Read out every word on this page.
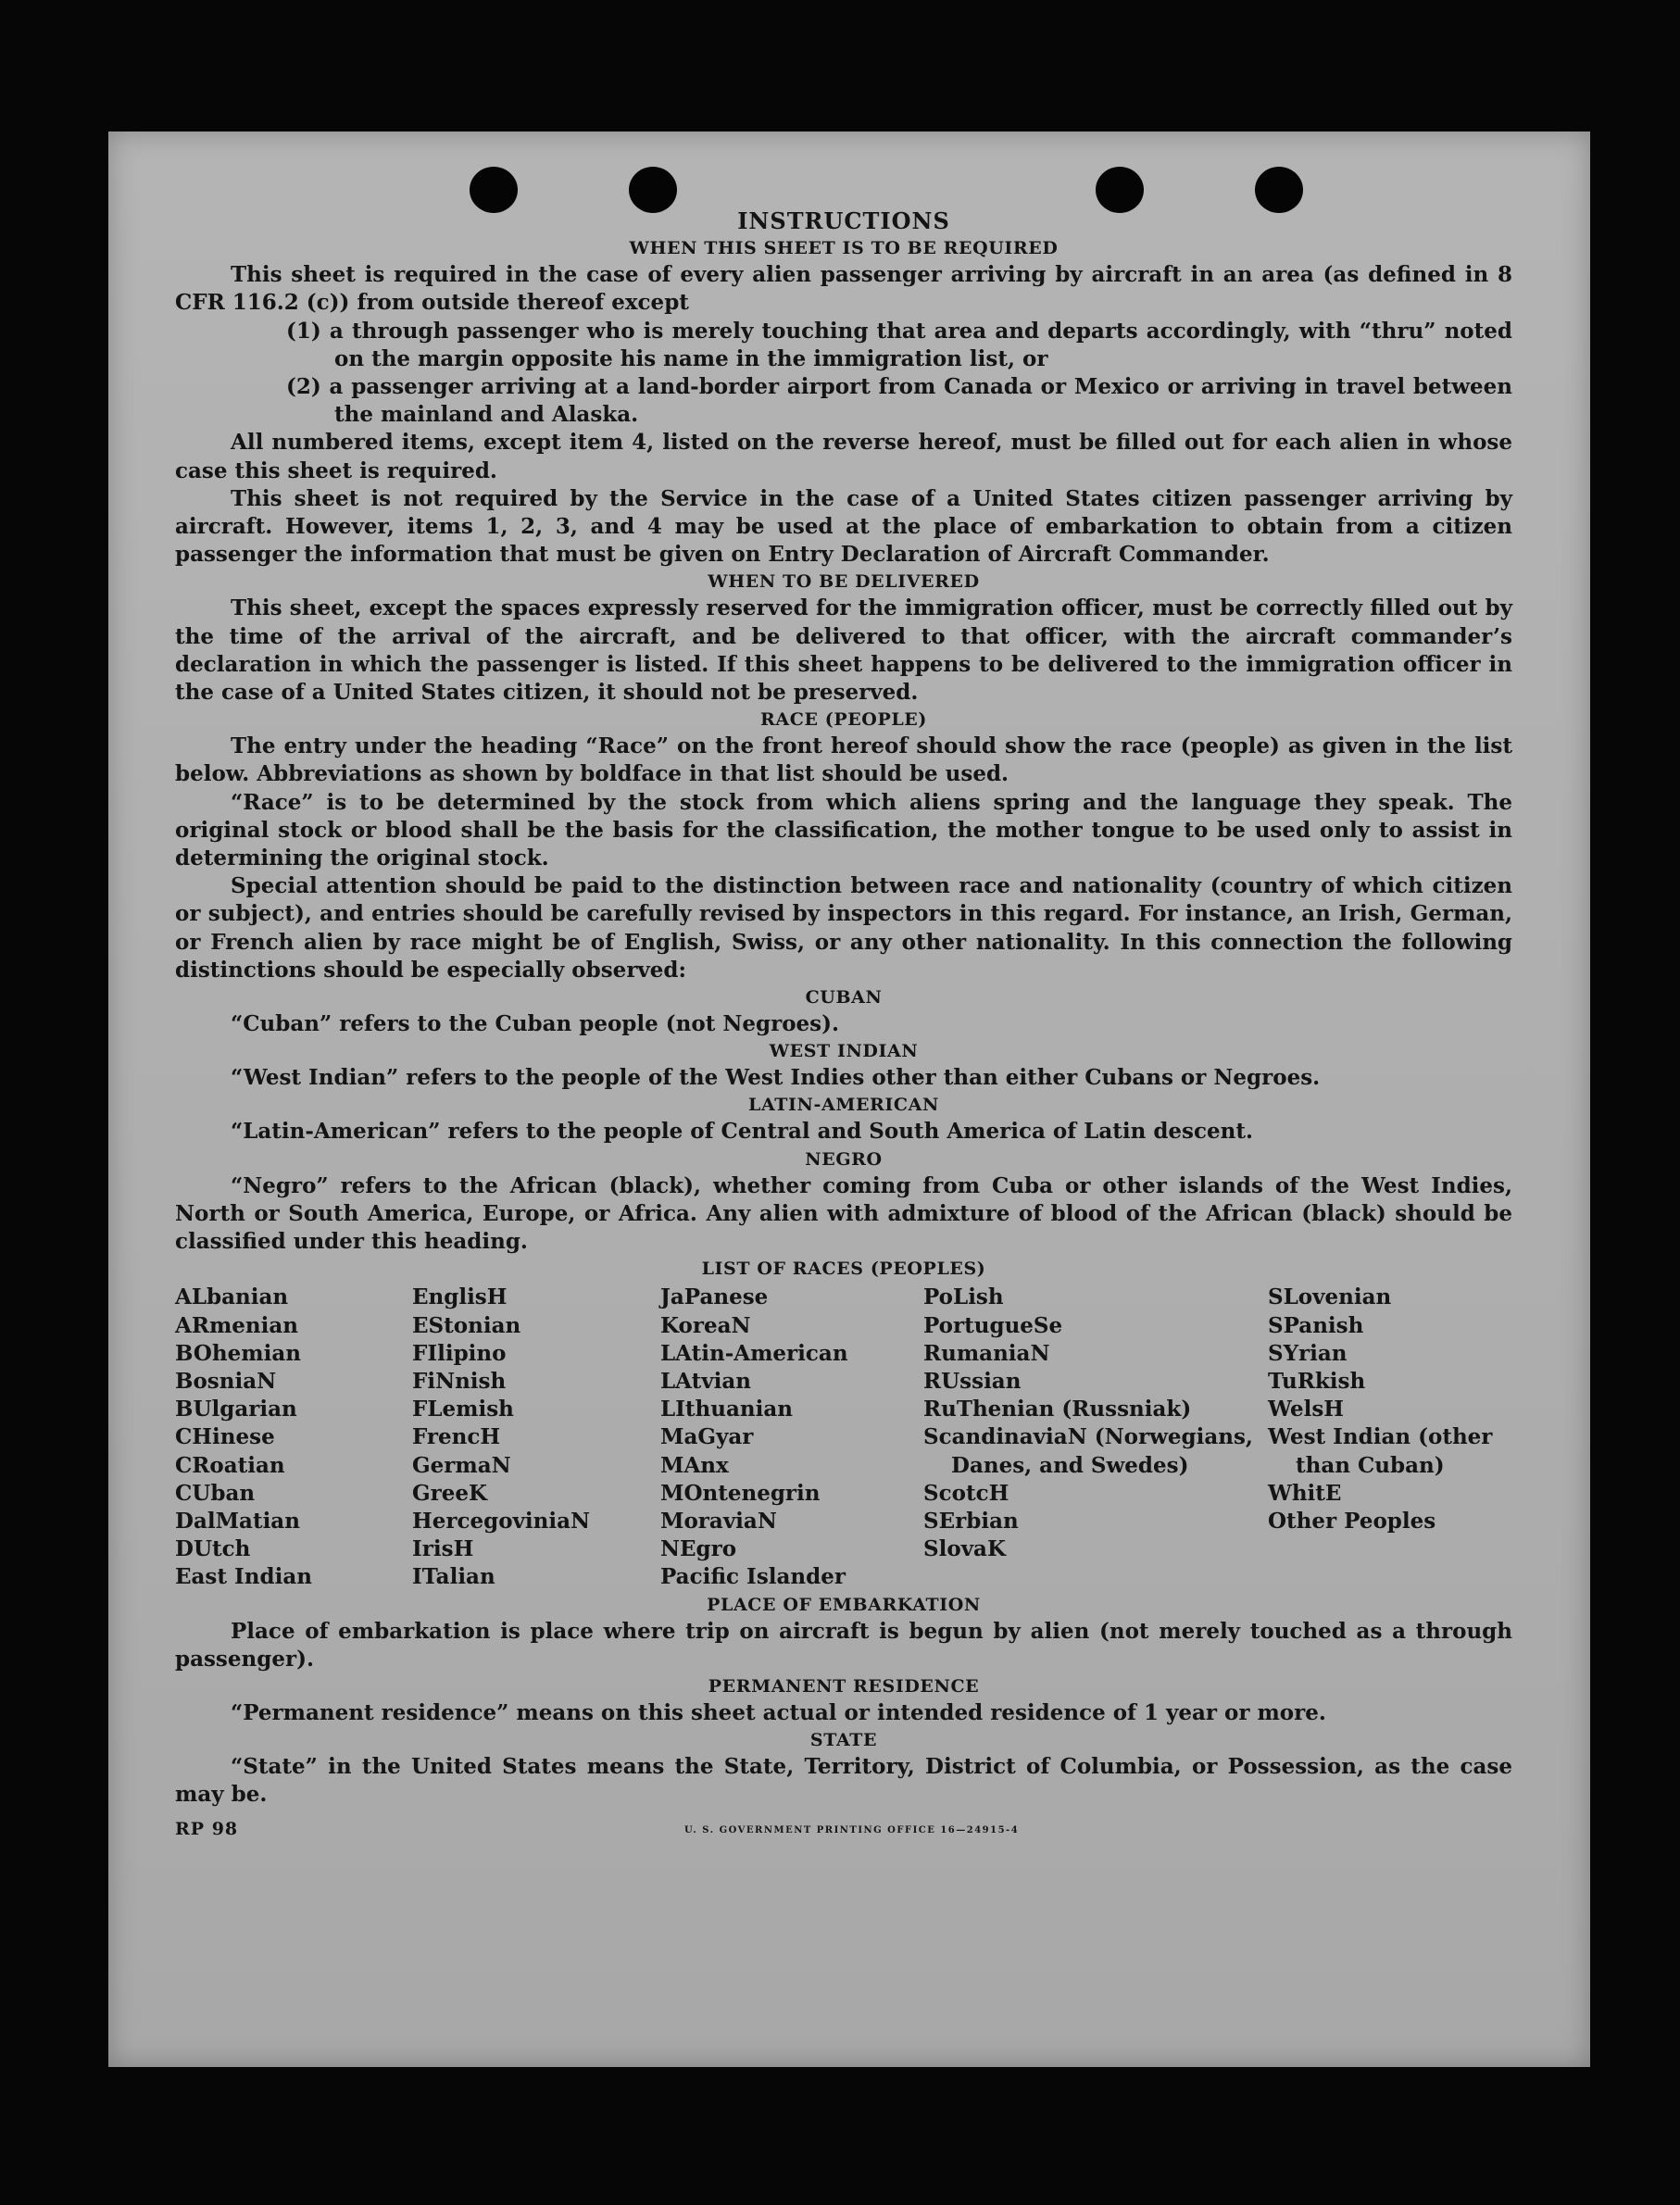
INSTRUCTIONS

WHEN THIS SHEET IS TO BE REQUIRED

This sheet is required in the case of every alien passenger arriving by aircraft in an area (as defined in 8 CFR 116.2 (c)) from outside thereof except

(1) a through passenger who is merely touching that area and departs accordingly, with “thru” noted on the margin opposite his name in the immigration list, or

(2) a passenger arriving at a land-border airport from Canada or Mexico or arriving in travel between the mainland and Alaska.

All numbered items, except item 4, listed on the reverse hereof, must be filled out for each alien in whose case this sheet is required.

This sheet is not required by the Service in the case of a United States citizen passenger arriving by aircraft. However, items 1, 2, 3, and 4 may be used at the place of embarkation to obtain from a citizen passenger the information that must be given on Entry Declaration of Aircraft Commander.

WHEN TO BE DELIVERED

This sheet, except the spaces expressly reserved for the immigration officer, must be correctly filled out by the time of the arrival of the aircraft, and be delivered to that officer, with the aircraft commander’s declaration in which the passenger is listed. If this sheet happens to be delivered to the immigration officer in the case of a United States citizen, it should not be preserved.

RACE (PEOPLE)

The entry under the heading “Race” on the front hereof should show the race (people) as given in the list below. Abbreviations as shown by boldface in that list should be used.

“Race” is to be determined by the stock from which aliens spring and the language they speak. The original stock or blood shall be the basis for the classification, the mother tongue to be used only to assist in determining the original stock.

Special attention should be paid to the distinction between race and nationality (country of which citizen or subject), and entries should be carefully revised by inspectors in this regard. For instance, an Irish, German, or French alien by race might be of English, Swiss, or any other nationality. In this connection the following distinctions should be especially observed:

CUBAN

“Cuban” refers to the Cuban people (not Negroes).

WEST INDIAN

“West Indian” refers to the people of the West Indies other than either Cubans or Negroes.

LATIN-AMERICAN

“Latin-American” refers to the people of Central and South America of Latin descent.

NEGRO

“Negro” refers to the African (black), whether coming from Cuba or other islands of the West Indies, North or South America, Europe, or Africa. Any alien with admixture of blood of the African (black) should be classified under this heading.

LIST OF RACES (PEOPLES)

ALbanian
ARmenian
BOhemian
BosniaN
BUlgarian
CHinese
CRoatian
CUban
DalMatian
DUtch
East Indian
EnglisH
EStonian
FIlipino
FiNnish
FLemish
FrencH
GermaN
GreeK
HercegoviniaN
IrisH
ITalian
JaPanese
KoreaN
LAtin-American
LAtvian
LIthuanian
MaGyar
MAnx
MOntenegrin
MoraviaN
NEgro
Pacific Islander
PoLish
PortugueSe
RumaniaN
RUssian
RuThenian (Russniak)
ScandinaviaN (Norwegians, Danes, and Swedes)
ScotcH
SErbian
SlovaK
SLovenian
SPanish
SYrian
TuRkish
WelsH
West Indian (other than Cuban)
WhitE
Other Peoples

PLACE OF EMBARKATION

Place of embarkation is place where trip on aircraft is begun by alien (not merely touched as a through passenger).

PERMANENT RESIDENCE

“Permanent residence” means on this sheet actual or intended residence of 1 year or more.

STATE

“State” in the United States means the State, Territory, District of Columbia, or Possession, as the case may be.

RP 98	U. S. GOVERNMENT PRINTING OFFICE 16—24915-4
